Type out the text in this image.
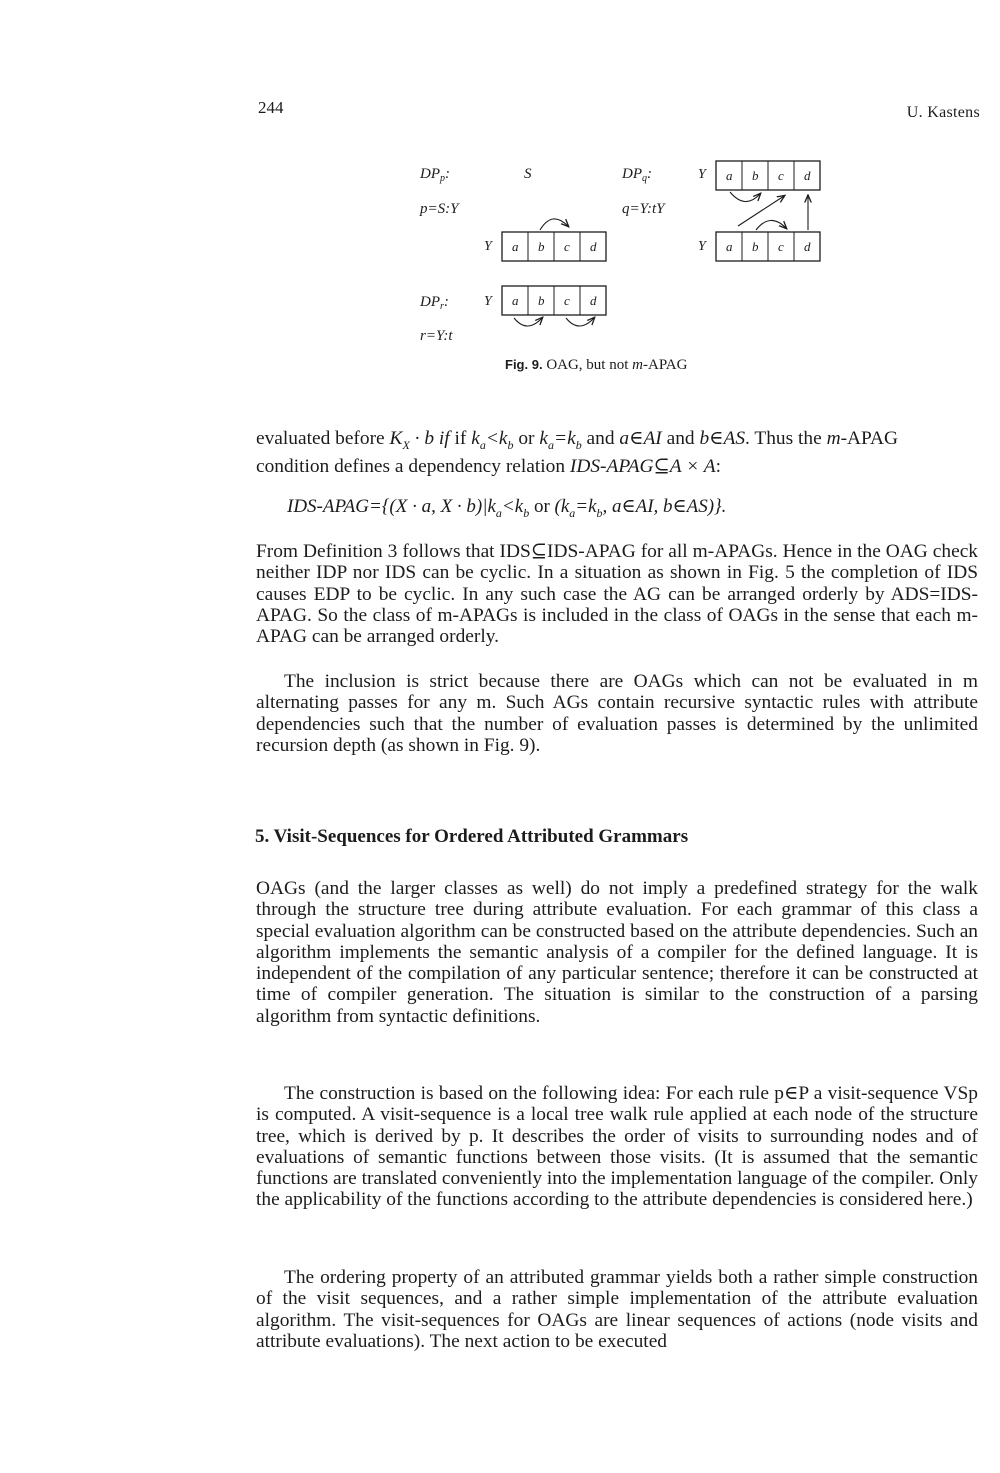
244	U. Kastens
$DP_p$:
p=S:Y
S
Y a b c d
$DP_q$:
q=Y:tY
Y a b c d
Y a b c d
$DP_r$:
r=Y:t
Y a b c d
Fig. 9. OAG, but not m-APAG

evaluated before $K_X \cdot b$ if if $k_a<k_b$ or $k_a=k_b$ and a∈AI and b∈AS. Thus the m-APAG
condition defines a dependency relation IDS-APAG⊆A × A:

IDS-APAG={(X · a, $X \cdot b)|k_a<k_b$ or ($k_a=k_b$, a∈AI, b∈AS)}.

From Definition 3 follows that IDS⊆IDS-APAG for all m-APAGs. Hence in the OAG check neither IDP nor IDS can be cyclic. In a situation as shown in Fig. 5 the completion of IDS causes EDP to be cyclic. In any such case the AG can be arranged orderly by ADS=IDS-APAG. So the class of m-APAGs is included in the class of OAGs in the sense that each m-APAG can be arranged orderly.

The inclusion is strict because there are OAGs which can not be evaluated in m alternating passes for any m. Such AGs contain recursive syntactic rules with attribute dependencies such that the number of evaluation passes is determined by the unlimited recursion depth (as shown in Fig. 9).

5. Visit-Sequences for Ordered Attributed Grammars

OAGs (and the larger classes as well) do not imply a predefined strategy for the walk through the structure tree during attribute evaluation. For each grammar of this class a special evaluation algorithm can be constructed based on the attribute dependencies. Such an algorithm implements the semantic analysis of a compiler for the defined language. It is independent of the compilation of any particular sentence; therefore it can be constructed at time of compiler generation. The situation is similar to the construction of a parsing algorithm from syntactic definitions.

The construction is based on the following idea: For each rule p∈P a visit-sequence VSp is computed. A visit-sequence is a local tree walk rule applied at each node of the structure tree, which is derived by p. It describes the order of visits to surrounding nodes and of evaluations of semantic functions between those visits. (It is assumed that the semantic functions are translated conveniently into the implementation language of the compiler. Only the applicability of the functions according to the attribute dependencies is considered here.)

The ordering property of an attributed grammar yields both a rather simple construction of the visit sequences, and a rather simple implementation of the attribute evaluation algorithm. The visit-sequences for OAGs are linear sequences of actions (node visits and attribute evaluations). The next action to be executed
